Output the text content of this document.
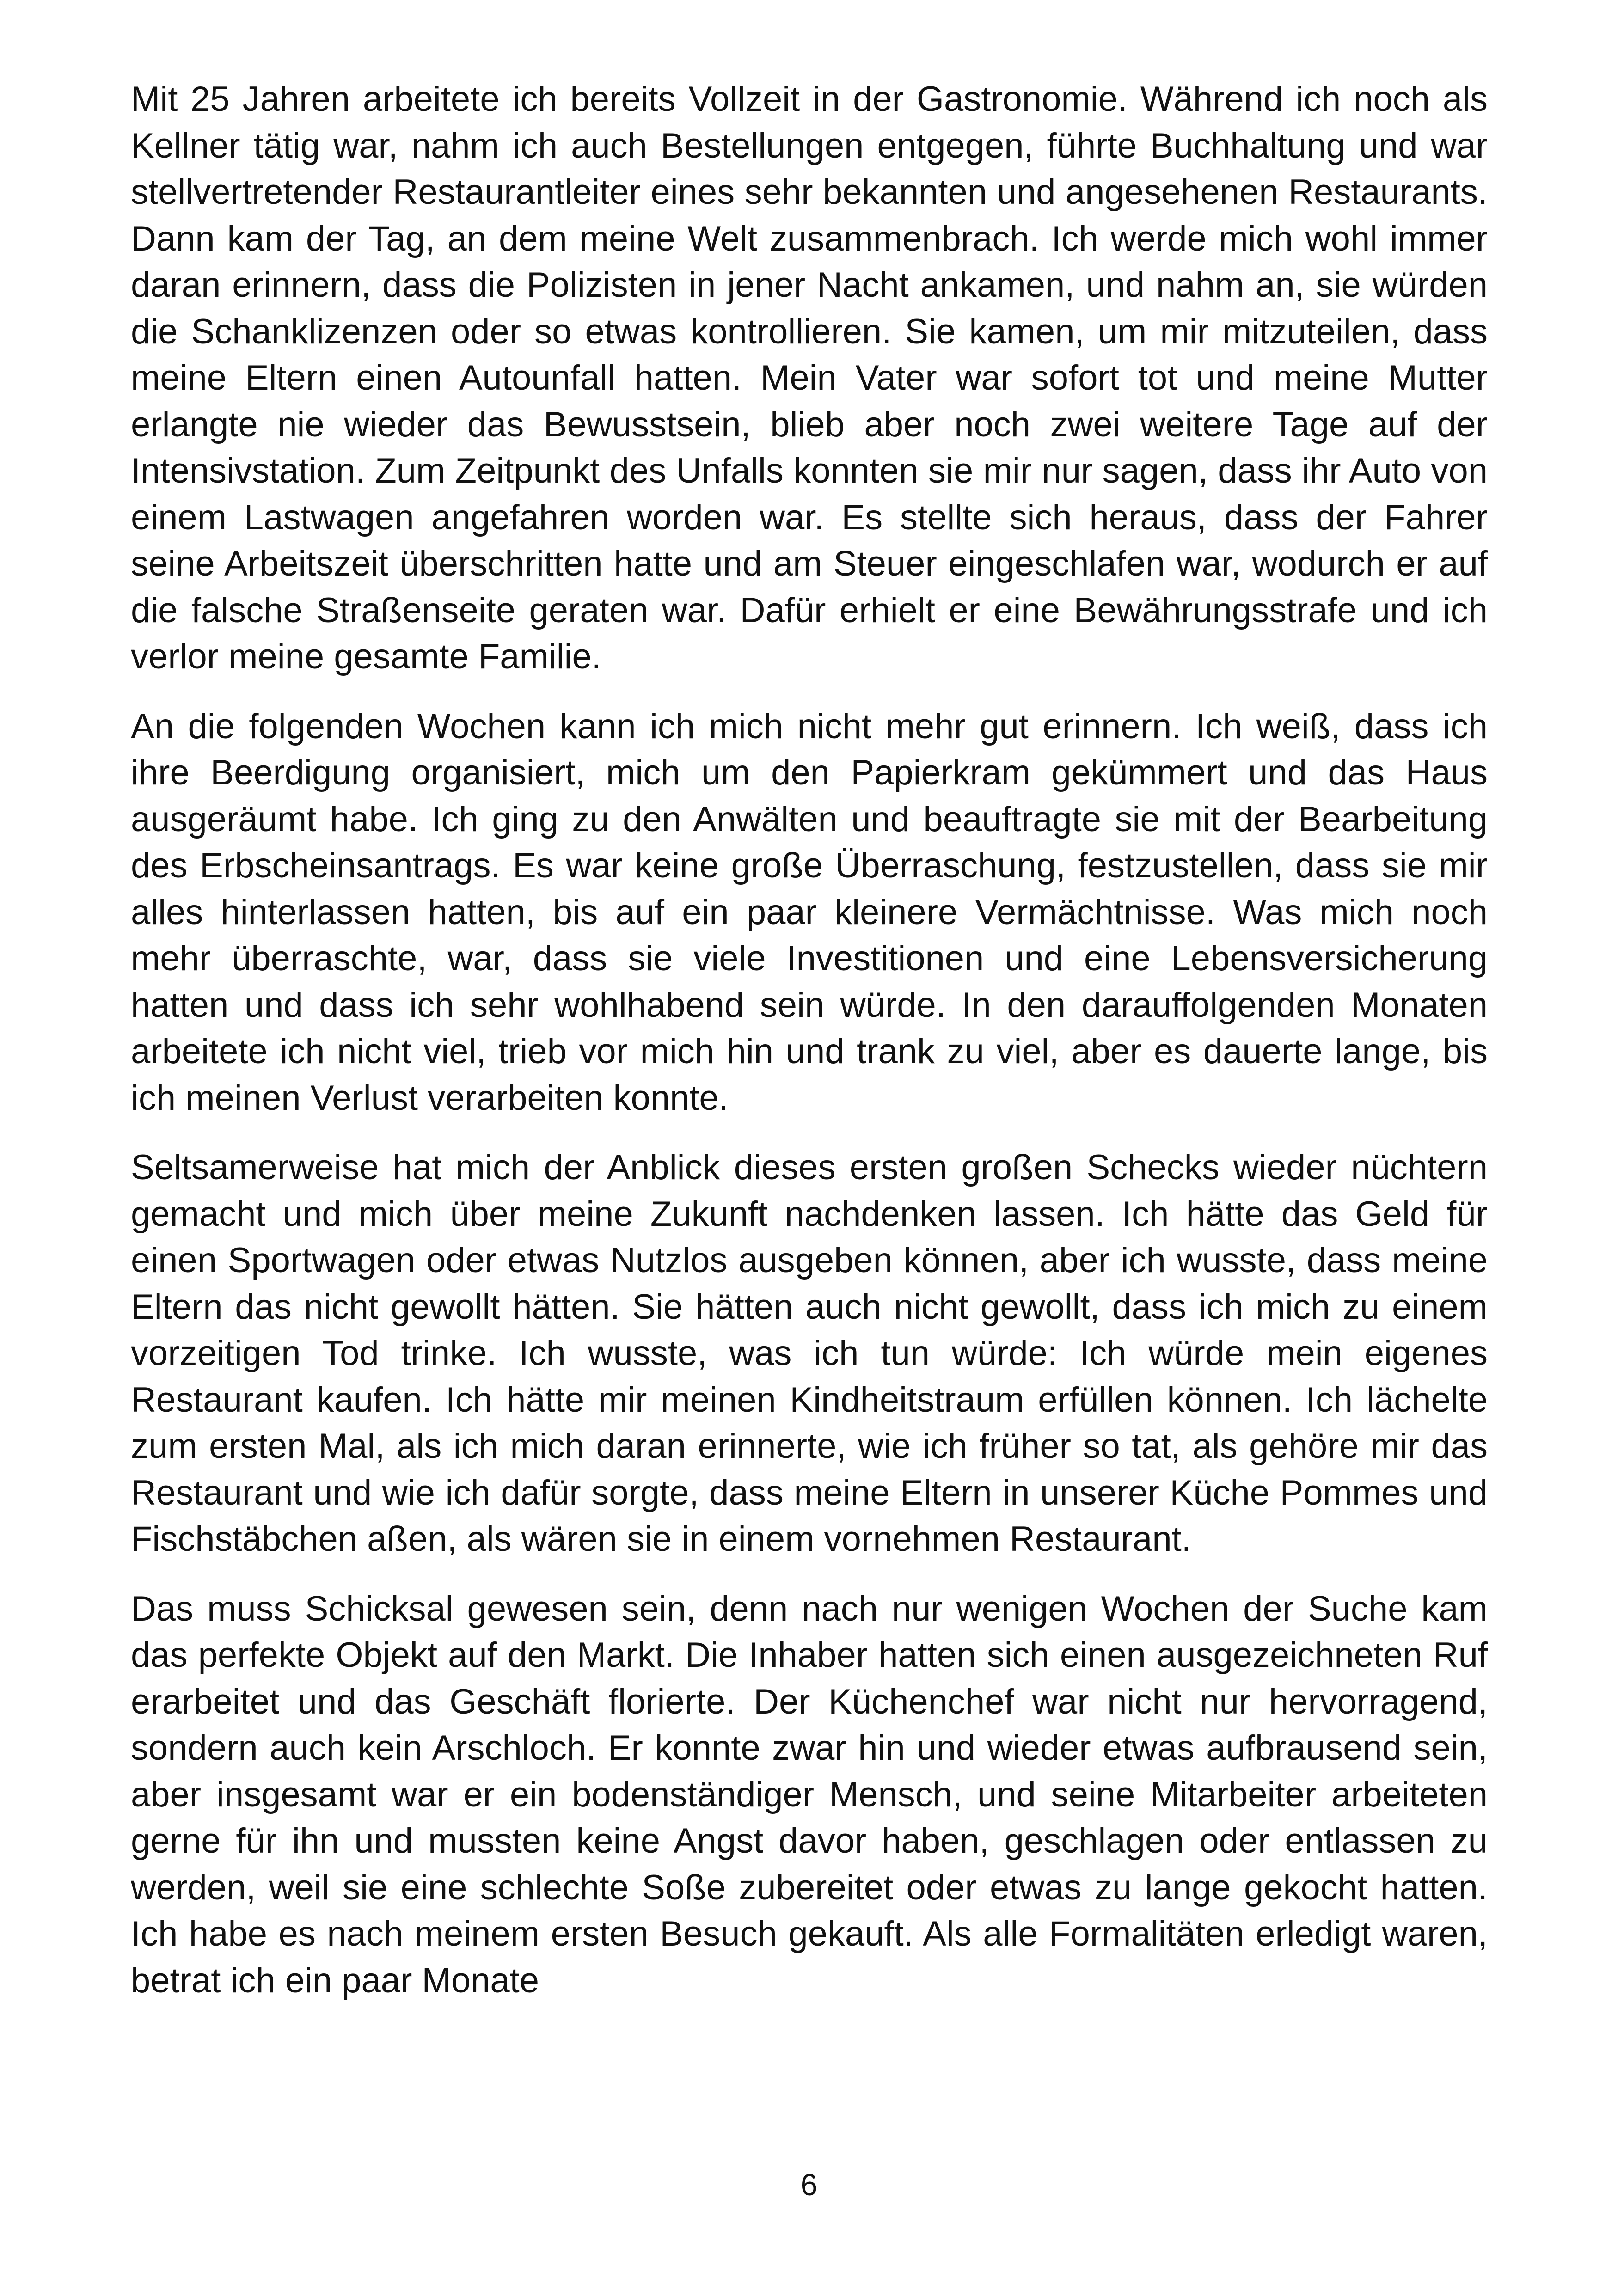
Mit 25 Jahren arbeitete ich bereits Vollzeit in der Gastronomie. Während ich noch als Kellner tätig war, nahm ich auch Bestellungen entgegen, führte Buchhaltung und war stellvertretender Restaurantleiter eines sehr bekannten und angesehenen Restaurants. Dann kam der Tag, an dem meine Welt zusammenbrach. Ich werde mich wohl immer daran erinnern, dass die Polizisten in jener Nacht ankamen, und nahm an, sie würden die Schanklizenzen oder so etwas kontrollieren. Sie kamen, um mir mitzuteilen, dass meine Eltern einen Autounfall hatten. Mein Vater war sofort tot und meine Mutter erlangte nie wieder das Bewusstsein, blieb aber noch zwei weitere Tage auf der Intensivstation. Zum Zeitpunkt des Unfalls konnten sie mir nur sagen, dass ihr Auto von einem Lastwagen angefahren worden war. Es stellte sich heraus, dass der Fahrer seine Arbeitszeit überschritten hatte und am Steuer eingeschlafen war, wodurch er auf die falsche Straßenseite geraten war. Dafür erhielt er eine Bewährungsstrafe und ich verlor meine gesamte Familie.

An die folgenden Wochen kann ich mich nicht mehr gut erinnern. Ich weiß, dass ich ihre Beerdigung organisiert, mich um den Papierkram gekümmert und das Haus ausgeräumt habe. Ich ging zu den Anwälten und beauftragte sie mit der Bearbeitung des Erbscheinsantrags. Es war keine große Überraschung, festzustellen, dass sie mir alles hinterlassen hatten, bis auf ein paar kleinere Vermächtnisse. Was mich noch mehr überraschte, war, dass sie viele Investitionen und eine Lebensversicherung hatten und dass ich sehr wohlhabend sein würde. In den darauffolgenden Monaten arbeitete ich nicht viel, trieb vor mich hin und trank zu viel, aber es dauerte lange, bis ich meinen Verlust verarbeiten konnte.

Seltsamerweise hat mich der Anblick dieses ersten großen Schecks wieder nüchtern gemacht und mich über meine Zukunft nachdenken lassen. Ich hätte das Geld für einen Sportwagen oder etwas Nutzlos ausgeben können, aber ich wusste, dass meine Eltern das nicht gewollt hätten. Sie hätten auch nicht gewollt, dass ich mich zu einem vorzeitigen Tod trinke. Ich wusste, was ich tun würde: Ich würde mein eigenes Restaurant kaufen. Ich hätte mir meinen Kindheitstraum erfüllen können. Ich lächelte zum ersten Mal, als ich mich daran erinnerte, wie ich früher so tat, als gehöre mir das Restaurant und wie ich dafür sorgte, dass meine Eltern in unserer Küche Pommes und Fischstäbchen aßen, als wären sie in einem vornehmen Restaurant.

Das muss Schicksal gewesen sein, denn nach nur wenigen Wochen der Suche kam das perfekte Objekt auf den Markt. Die Inhaber hatten sich einen ausgezeichneten Ruf erarbeitet und das Geschäft florierte. Der Küchenchef war nicht nur hervorragend, sondern auch kein Arschloch. Er konnte zwar hin und wieder etwas aufbrausend sein, aber insgesamt war er ein bodenständiger Mensch, und seine Mitarbeiter arbeiteten gerne für ihn und mussten keine Angst davor haben, geschlagen oder entlassen zu werden, weil sie eine schlechte Soße zubereitet oder etwas zu lange gekocht hatten. Ich habe es nach meinem ersten Besuch gekauft. Als alle Formalitäten erledigt waren, betrat ich ein paar Monate

6
